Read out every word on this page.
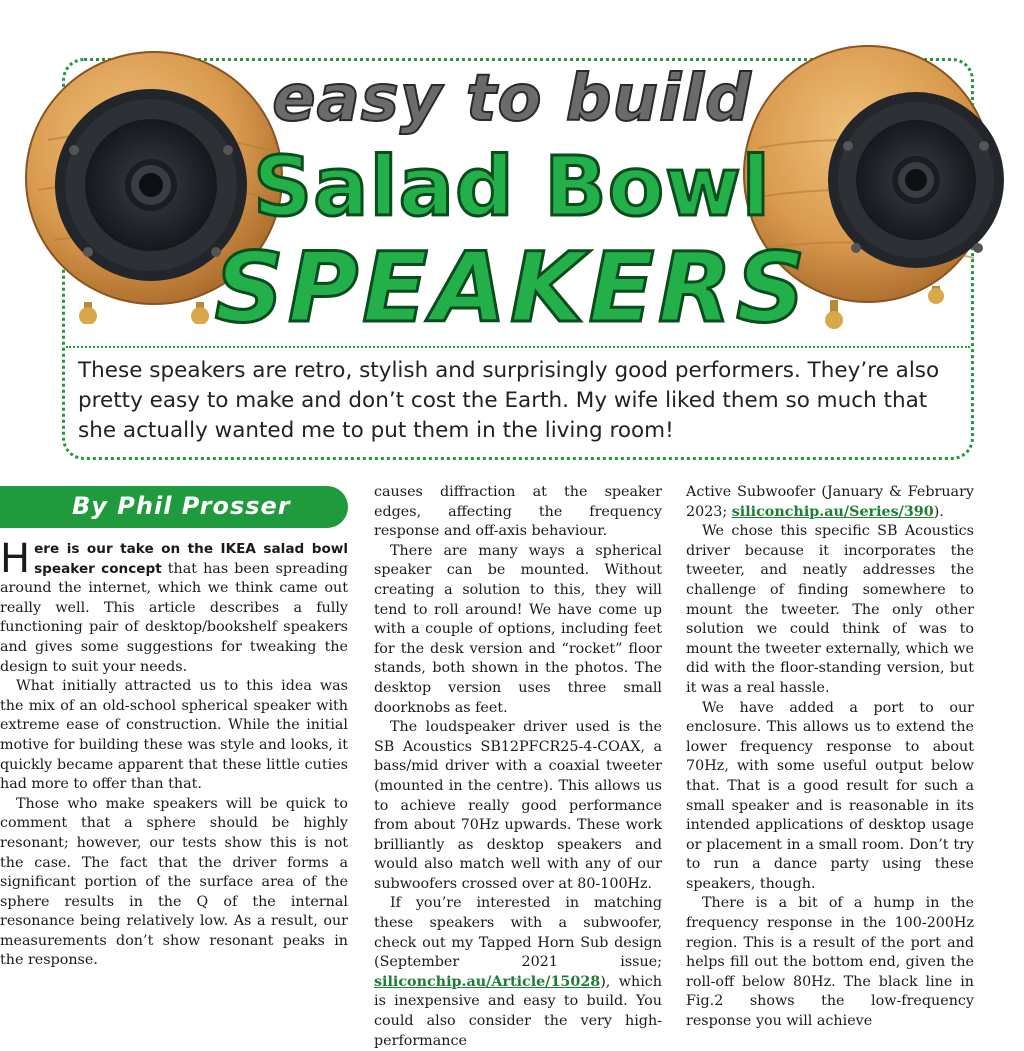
easy to build
Salad Bowl
SPEAKERS

These speakers are retro, stylish and surprisingly good performers. They’re also pretty easy to make and don’t cost the Earth. My wife liked them so much that she actually wanted me to put them in the living room!

By Phil Prosser

Here is our take on the IKEA salad bowl speaker concept that has been spreading around the internet, which we think came out really well. This article describes a fully functioning pair of desktop/bookshelf speakers and gives some suggestions for tweaking the design to suit your needs.

What initially attracted us to this idea was the mix of an old-school spherical speaker with extreme ease of construction. While the initial motive for building these was style and looks, it quickly became apparent that these little cuties had more to offer than that.

Those who make speakers will be quick to comment that a sphere should be highly resonant; however, our tests show this is not the case. The fact that the driver forms a significant portion of the surface area of the sphere results in the Q of the internal resonance being relatively low. As a result, our measurements don’t show resonant peaks in the response.

causes diffraction at the speaker edges, affecting the frequency response and off-axis behaviour.

There are many ways a spherical speaker can be mounted. Without creating a solution to this, they will tend to roll around! We have come up with a couple of options, including feet for the desk version and “rocket” floor stands, both shown in the photos. The desktop version uses three small doorknobs as feet.

The loudspeaker driver used is the SB Acoustics SB12PFCR25-4-COAX, a bass/mid driver with a coaxial tweeter (mounted in the centre). This allows us to achieve really good performance from about 70Hz upwards. These work brilliantly as desktop speakers and would also match well with any of our subwoofers crossed over at 80-100Hz.

If you’re interested in matching these speakers with a subwoofer, check out my Tapped Horn Sub design (September 2021 issue; siliconchip.au/Article/15028), which is inexpensive and easy to build. You could also consider the very high-performance

Active Subwoofer (January & February 2023; siliconchip.au/Series/390).

We chose this specific SB Acoustics driver because it incorporates the tweeter, and neatly addresses the challenge of finding somewhere to mount the tweeter. The only other solution we could think of was to mount the tweeter externally, which we did with the floor-standing version, but it was a real hassle.

We have added a port to our enclosure. This allows us to extend the lower frequency response to about 70Hz, with some useful output below that. That is a good result for such a small speaker and is reasonable in its intended applications of desktop usage or placement in a small room. Don’t try to run a dance party using these speakers, though.

There is a bit of a hump in the frequency response in the 100-200Hz region. This is a result of the port and helps fill out the bottom end, given the roll-off below 80Hz. The black line in Fig.2 shows the low-frequency response you will achieve
